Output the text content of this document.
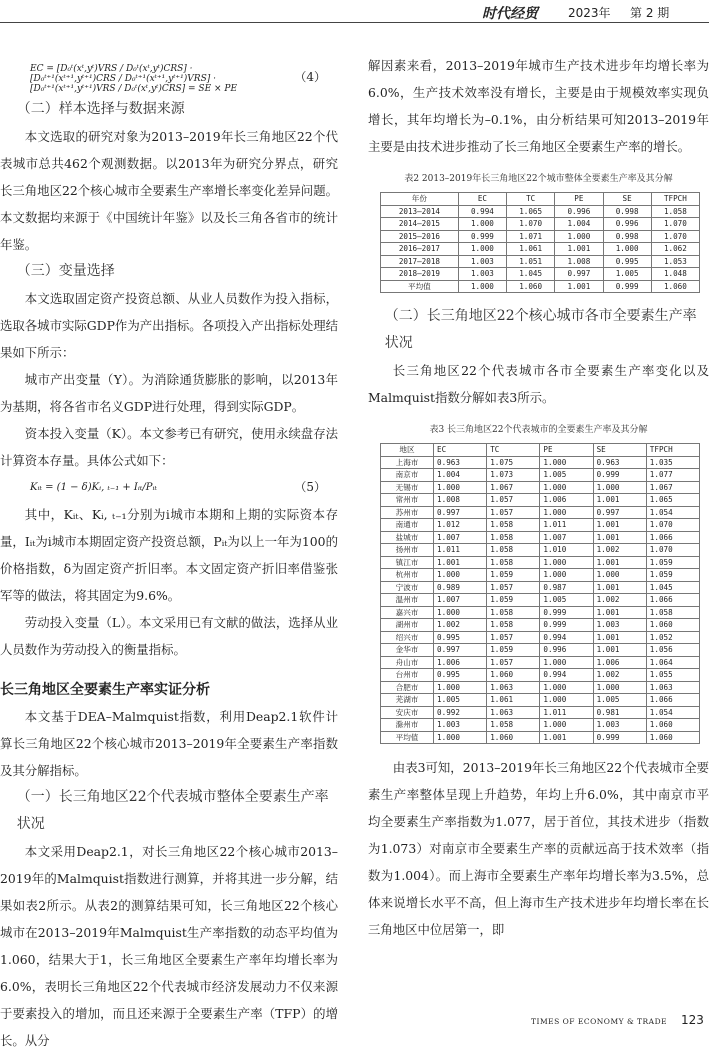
时代经贸	2023年 第 2 期
EC = [D₀ᵗ(xᵗ,yᵗ)VRS / D₀ᵗ(xᵗ,yᵗ)CRS] · [D₀ᵗ⁺¹(xᵗ⁺¹,yᵗ⁺¹)CRS / D₀ᵗ⁺¹(xᵗ⁺¹,yᵗ⁺¹)VRS] · [D₀ᵗ⁺¹(xᵗ⁺¹,yᵗ⁺¹)VRS / D₀ᵗ(xᵗ,yᵗ)CRS] = SE × PE
（4）
（二）样本选择与数据来源

本文选取的研究对象为2013–2019年长三角地区22个代表城市总共462个观测数据。以2013年为研究分界点，研究长三角地区22个核心城市全要素生产率增长率变化差异问题。本文数据均来源于《中国统计年鉴》以及长三角各省市的统计年鉴。

（三）变量选择

本文选取固定资产投资总额、从业人员数作为投入指标，选取各城市实际GDP作为产出指标。各项投入产出指标处理结果如下所示：

城市产出变量（Y）。为消除通货膨胀的影响，以2013年为基期，将各省市名义GDP进行处理，得到实际GDP。

资本投入变量（K）。本文参考已有研究，使用永续盘存法计算资本存量。具体公式如下：

Kᵢₜ = (1 − δ)Kᵢ, ₜ₋₁ + Iᵢₜ/Pᵢₜ	（5）

其中，Kᵢₜ、Kᵢ, ₜ₋₁分别为i城市本期和上期的实际资本存量，Iᵢₜ为i城市本期固定资产投资总额，Pᵢₜ为以上一年为100的价格指数，δ为固定资产折旧率。本文固定资产折旧率借鉴张军等的做法，将其固定为9.6%。

劳动投入变量（L）。本文采用已有文献的做法，选择从业人员数作为劳动投入的衡量指标。

长三角地区全要素生产率实证分析

本文基于DEA–Malmquist指数，利用Deap2.1软件计算长三角地区22个核心城市2013–2019年全要素生产率指数及其分解指标。

（一）长三角地区22个代表城市整体全要素生产率状况

本文采用Deap2.1，对长三角地区22个核心城市2013–2019年的Malmquist指数进行测算，并将其进一步分解，结果如表2所示。从表2的测算结果可知，长三角地区22个核心城市在2013–2019年Malmquist生产率指数的动态平均值为1.060，结果大于1，长三角地区全要素生产率年均增长率为6.0%，表明长三角地区22个代表城市经济发展动力不仅来源于要素投入的增加，而且还来源于全要素生产率（TFP）的增长。从分

解因素来看，2013–2019年城市生产技术进步年均增长率为6.0%，生产技术效率没有增长，主要是由于规模效率实现负增长，其年均增长为–0.1%，由分析结果可知2013–2019年主要是由技术进步推动了长三角地区全要素生产率的增长。

表2 2013–2019年长三角地区22个城市整体全要素生产率及其分解
年份	EC	TC	PE	SE	TFPCH
2013–2014	0.994	1.065	0.996	0.998	1.058
2014–2015	1.000	1.070	1.004	0.996	1.070
2015–2016	0.999	1.071	1.000	0.998	1.070
2016–2017	1.000	1.061	1.001	1.000	1.062
2017–2018	1.003	1.051	1.008	0.995	1.053
2018–2019	1.003	1.045	0.997	1.005	1.048
平均值	1.000	1.060	1.001	0.999	1.060
（二）长三角地区22个核心城市各市全要素生产率状况

长三角地区22个代表城市各市全要素生产率变化以及Malmquist指数分解如表3所示。

表3 长三角地区22个代表城市的全要素生产率及其分解
地区	EC	TC	PE	SE	TFPCH
上海市	0.963	1.075	1.000	0.963	1.035
南京市	1.004	1.073	1.005	0.999	1.077
无锡市	1.000	1.067	1.000	1.000	1.067
常州市	1.008	1.057	1.006	1.001	1.065
苏州市	0.997	1.057	1.000	0.997	1.054
南通市	1.012	1.058	1.011	1.001	1.070
盐城市	1.007	1.058	1.007	1.001	1.066
扬州市	1.011	1.058	1.010	1.002	1.070
镇江市	1.001	1.058	1.000	1.001	1.059
杭州市	1.000	1.059	1.000	1.000	1.059
宁波市	0.989	1.057	0.987	1.001	1.045
温州市	1.007	1.059	1.005	1.002	1.066
嘉兴市	1.000	1.058	0.999	1.001	1.058
湖州市	1.002	1.058	0.999	1.003	1.060
绍兴市	0.995	1.057	0.994	1.001	1.052
金华市	0.997	1.059	0.996	1.001	1.056
舟山市	1.006	1.057	1.000	1.006	1.064
台州市	0.995	1.060	0.994	1.002	1.055
合肥市	1.000	1.063	1.000	1.000	1.063
芜湖市	1.005	1.061	1.000	1.005	1.066
安庆市	0.992	1.063	1.011	0.981	1.054
滁州市	1.003	1.058	1.000	1.003	1.060
平均值	1.000	1.060	1.001	0.999	1.060

由表3可知，2013–2019年长三角地区22个代表城市全要素生产率整体呈现上升趋势，年均上升6.0%，其中南京市平均全要素生产率指数为1.077，居于首位，其技术进步（指数为1.073）对南京市全要素生产率的贡献远高于技术效率（指数为1.004）。而上海市全要素生产率年均增长率为3.5%，总体来说增长水平不高，但上海市生产技术进步年均增长率在长三角地区中位居第一，即

TIMES OF ECONOMY & TRADE 123
